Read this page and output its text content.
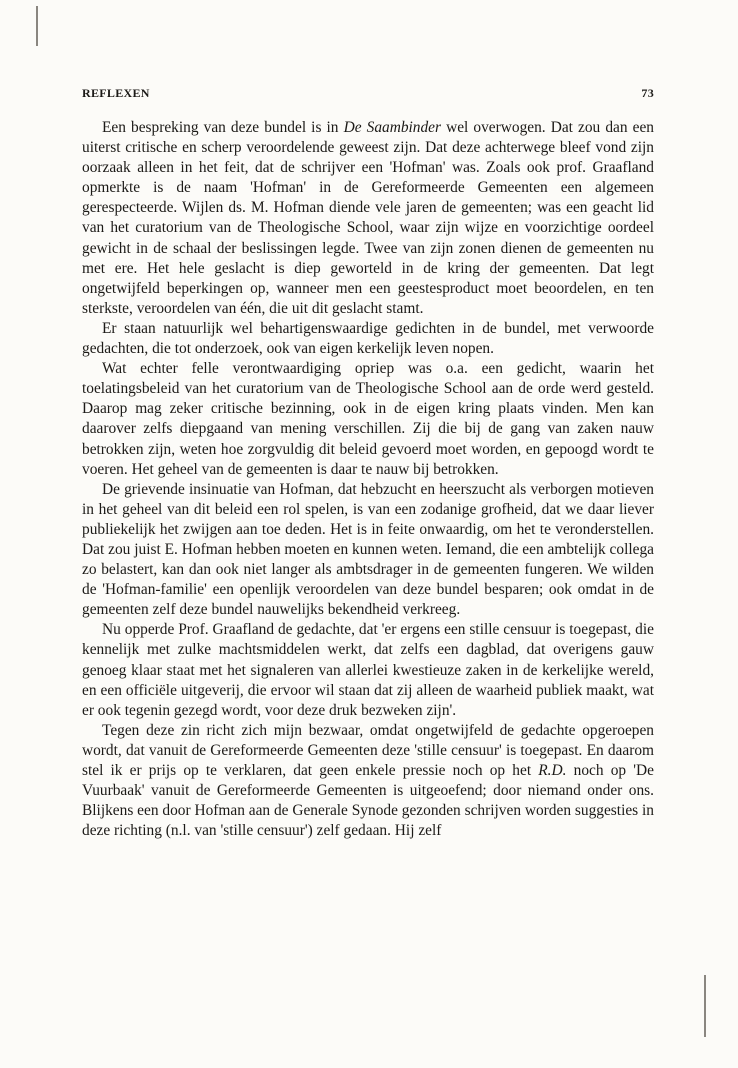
REFLEXEN	73

Een bespreking van deze bundel is in De Saambinder wel overwogen. Dat zou dan een uiterst critische en scherp veroordelende geweest zijn. Dat deze achterwege bleef vond zijn oorzaak alleen in het feit, dat de schrijver een 'Hofman' was. Zoals ook prof. Graafland opmerkte is de naam 'Hofman' in de Gereformeerde Gemeenten een algemeen gerespecteerde. Wijlen ds. M. Hofman diende vele jaren de gemeenten; was een geacht lid van het curatorium van de Theologische School, waar zijn wijze en voorzichtige oordeel gewicht in de schaal der beslissingen legde. Twee van zijn zonen dienen de gemeenten nu met ere. Het hele geslacht is diep geworteld in de kring der gemeenten. Dat legt ongetwijfeld beperkingen op, wanneer men een geestesproduct moet beoordelen, en ten sterkste, veroordelen van één, die uit dit geslacht stamt.

Er staan natuurlijk wel behartigenswaardige gedichten in de bundel, met verwoorde gedachten, die tot onderzoek, ook van eigen kerkelijk leven nopen.

Wat echter felle verontwaardiging opriep was o.a. een gedicht, waarin het toelatingsbeleid van het curatorium van de Theologische School aan de orde werd gesteld. Daarop mag zeker critische bezinning, ook in de eigen kring plaats vinden. Men kan daarover zelfs diepgaand van mening verschillen. Zij die bij de gang van zaken nauw betrokken zijn, weten hoe zorgvuldig dit beleid gevoerd moet worden, en gepoogd wordt te voeren. Het geheel van de gemeenten is daar te nauw bij betrokken.

De grievende insinuatie van Hofman, dat hebzucht en heerszucht als verborgen motieven in het geheel van dit beleid een rol spelen, is van een zodanige grofheid, dat we daar liever publiekelijk het zwijgen aan toe deden. Het is in feite onwaardig, om het te veronderstellen. Dat zou juist E. Hofman hebben moeten en kunnen weten. Iemand, die een ambtelijk collega zo belastert, kan dan ook niet langer als ambtsdrager in de gemeenten fungeren. We wilden de 'Hofman-familie' een openlijk veroordelen van deze bundel besparen; ook omdat in de gemeenten zelf deze bundel nauwelijks bekendheid verkreeg.

Nu opperde Prof. Graafland de gedachte, dat 'er ergens een stille censuur is toegepast, die kennelijk met zulke machtsmiddelen werkt, dat zelfs een dagblad, dat overigens gauw genoeg klaar staat met het signaleren van allerlei kwestieuze zaken in de kerkelijke wereld, en een officiële uitgeverij, die ervoor wil staan dat zij alleen de waarheid publiek maakt, wat er ook tegenin gezegd wordt, voor deze druk bezweken zijn'.

Tegen deze zin richt zich mijn bezwaar, omdat ongetwijfeld de gedachte opgeroepen wordt, dat vanuit de Gereformeerde Gemeenten deze 'stille censuur' is toegepast. En daarom stel ik er prijs op te verklaren, dat geen enkele pressie noch op het R.D. noch op 'De Vuurbaak' vanuit de Gereformeerde Gemeenten is uitgeoefend; door niemand onder ons. Blijkens een door Hofman aan de Generale Synode gezonden schrijven worden suggesties in deze richting (n.l. van 'stille censuur') zelf gedaan. Hij zelf
